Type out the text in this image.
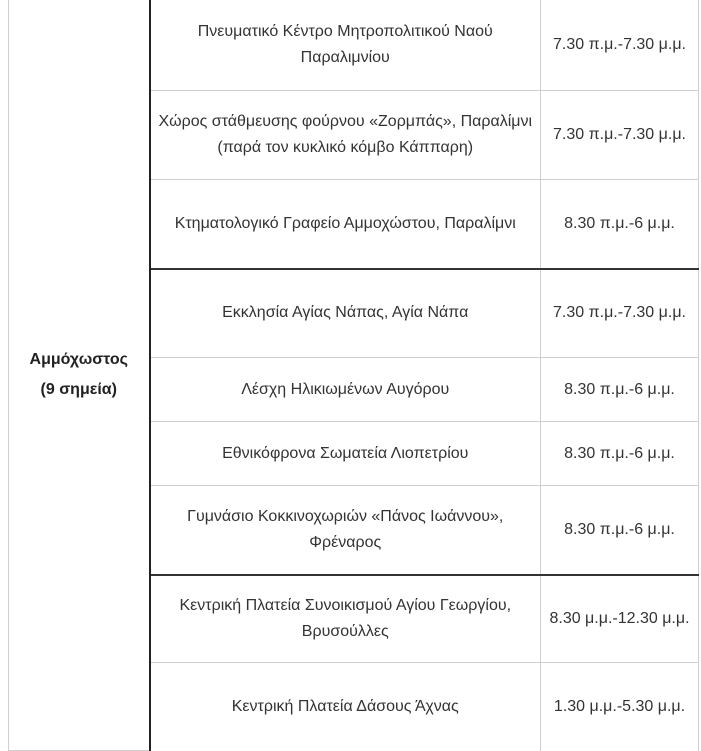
Αμμόχωστος
(9 σημεία)	Πνευματικό Κέντρο Μητροπολιτικού Ναού Παραλιμνίου	7.30 π.μ.-7.30 μ.μ.
	Χώρος στάθμευσης φούρνου «Ζορμπάς», Παραλίμνι (παρά τον κυκλικό κόμβο Κάππαρη)	7.30 π.μ.-7.30 μ.μ.
	Κτηματολογικό Γραφείο Αμμοχώστου, Παραλίμνι	8.30 π.μ.-6 μ.μ.
	Εκκλησία Αγίας Νάπας, Αγία Νάπα	7.30 π.μ.-7.30 μ.μ.
	Λέσχη Ηλικιωμένων Αυγόρου	8.30 π.μ.-6 μ.μ.
	Εθνικόφρονα Σωματεία Λιοπετρίου	8.30 π.μ.-6 μ.μ.
	Γυμνάσιο Κοκκινοχωριών «Πάνος Ιωάννου», Φρέναρος	8.30 π.μ.-6 μ.μ.
	Κεντρική Πλατεία Συνοικισμού Αγίου Γεωργίου, Βρυσούλλες	8.30 μ.μ.-12.30 μ.μ.
	Κεντρική Πλατεία Δάσους Άχνας	1.30 μ.μ.-5.30 μ.μ.
